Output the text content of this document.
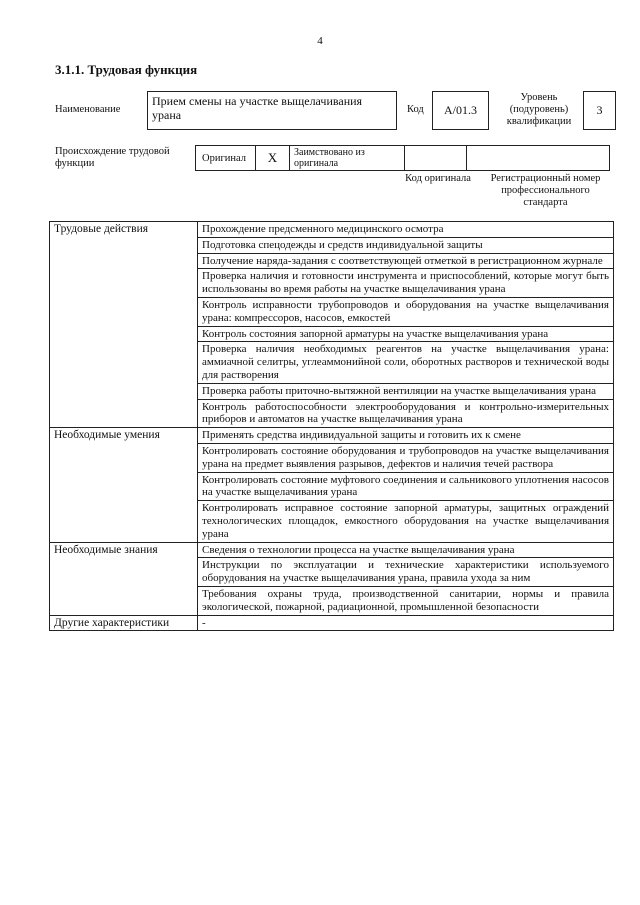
4
3.1.1. Трудовая функция
Наименование
Прием смены на участке выщелачивания урана	Код	А/01.3
Уровень (подуровень) квалификации
3
Происхождение трудовой функции	Оригинал	Х	Заимствовано из оригинала
Код оригинала	Регистрационный номер профессионального стандарта
Трудовые действия	Прохождение предсменного медицинского осмотра
	Подготовка спецодежды и средств индивидуальной защиты
	Получение наряда-задания с соответствующей отметкой в регистрационном журнале
	Проверка наличия и готовности инструмента и приспособлений, которые могут быть использованы во время работы на участке выщелачивания урана
	Контроль исправности трубопроводов и оборудования на участке выщелачивания урана: компрессоров, насосов, емкостей
	Контроль состояния запорной арматуры на участке выщелачивания урана
	Проверка наличия необходимых реагентов на участке выщелачивания урана: аммиачной селитры, углеаммонийной соли, оборотных растворов и технической воды для растворения
	Проверка работы приточно-вытяжной вентиляции на участке выщелачивания урана
	Контроль работоспособности электрооборудования и контрольно-измерительных приборов и автоматов на участке выщелачивания урана
Необходимые умения	Применять средства индивидуальной защиты и готовить их к смене
	Контролировать состояние оборудования и трубопроводов на участке выщелачивания урана на предмет выявления разрывов, дефектов и наличия течей раствора
	Контролировать состояние муфтового соединения и сальникового уплотнения насосов на участке выщелачивания урана
	Контролировать исправное состояние запорной арматуры, защитных ограждений технологических площадок, емкостного оборудования на участке выщелачивания урана
Необходимые знания	Сведения о технологии процесса на участке выщелачивания урана
	Инструкции по эксплуатации и технические характеристики используемого оборудования на участке выщелачивания урана, правила ухода за ним
	Требования охраны труда, производственной санитарии, нормы и правила экологической, пожарной, радиационной, промышленной безопасности
Другие характеристики	-
